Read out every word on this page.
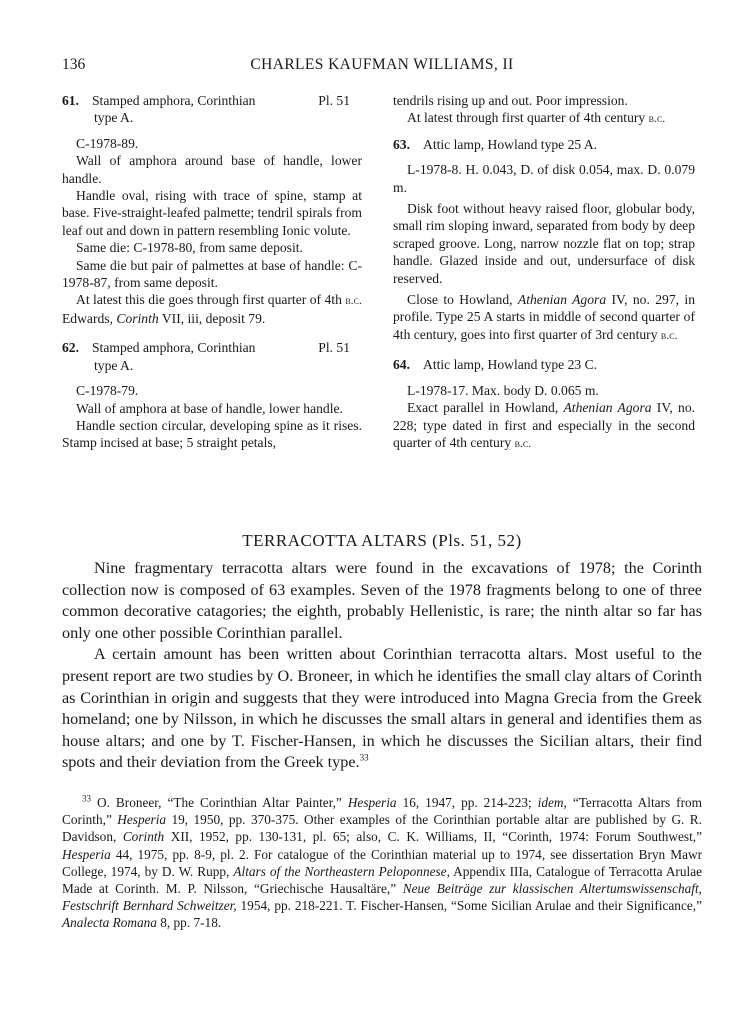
136	CHARLES KAUFMAN WILLIAMS, II
61. Stamped amphora, Corinthian	Pl. 51
type A.

C-1978-89.

Wall of amphora around base of handle, lower handle.

Handle oval, rising with trace of spine, stamp at base. Five-straight-leafed palmette; tendril spirals from leaf out and down in pattern resembling Ionic volute.

Same die: C-1978-80, from same deposit.

Same die but pair of palmettes at base of handle: C-1978-87, from same deposit.

At latest this die goes through first quarter of 4th b.c. Edwards, Corinth VII, iii, deposit 79.

62. Stamped amphora, Corinthian	Pl. 51
type A.

C-1978-79.

Wall of amphora at base of handle, lower handle.

Handle section circular, developing spine as it rises. Stamp incised at base; 5 straight petals,

tendrils rising up and out. Poor impression.

At latest through first quarter of 4th century b.c.

63. Attic lamp, Howland type 25 A.

L-1978-8. H. 0.043, D. of disk 0.054, max. D. 0.079 m.

Disk foot without heavy raised floor, globular body, small rim sloping inward, separated from body by deep scraped groove. Long, narrow nozzle flat on top; strap handle. Glazed inside and out, undersurface of disk reserved.

Close to Howland, Athenian Agora IV, no. 297, in profile. Type 25 A starts in middle of second quarter of 4th century, goes into first quarter of 3rd century b.c.

64. Attic lamp, Howland type 23 C.

L-1978-17. Max. body D. 0.065 m.

Exact parallel in Howland, Athenian Agora IV, no. 228; type dated in first and especially in the second quarter of 4th century b.c.

TERRACOTTA ALTARS (Pls. 51, 52)

Nine fragmentary terracotta altars were found in the excavations of 1978; the Corinth collection now is composed of 63 examples. Seven of the 1978 fragments belong to one of three common decorative catagories; the eighth, probably Hellenistic, is rare; the ninth altar so far has only one other possible Corinthian parallel.

A certain amount has been written about Corinthian terracotta altars. Most useful to the present report are two studies by O. Broneer, in which he identifies the small clay altars of Corinth as Corinthian in origin and suggests that they were introduced into Magna Grecia from the Greek homeland; one by Nilsson, in which he discusses the small altars in general and identifies them as house altars; and one by T. Fischer-Hansen, in which he discusses the Sicilian altars, their find spots and their deviation from the Greek type.$^{33}$

$^{33}$ O. Broneer, “The Corinthian Altar Painter,” Hesperia 16, 1947, pp. 214-223; idem, “Terracotta Altars from Corinth,” Hesperia 19, 1950, pp. 370-375. Other examples of the Corinthian portable altar are published by G. R. Davidson, Corinth XII, 1952, pp. 130-131, pl. 65; also, C. K. Williams, II, “Corinth, 1974: Forum Southwest,” Hesperia 44, 1975, pp. 8-9, pl. 2. For catalogue of the Corinthian material up to 1974, see dissertation Bryn Mawr College, 1974, by D. W. Rupp, Altars of the Northeastern Peloponnese, Appendix IIIa, Catalogue of Terracotta Arulae Made at Corinth. M. P. Nilsson, “Griechische Hausaltäre,” Neue Beiträge zur klassischen Altertumswissenschaft, Festschrift Bernhard Schweitzer, 1954, pp. 218-221. T. Fischer-Hansen, “Some Sicilian Arulae and their Significance,” Analecta Romana 8, pp. 7-18.
